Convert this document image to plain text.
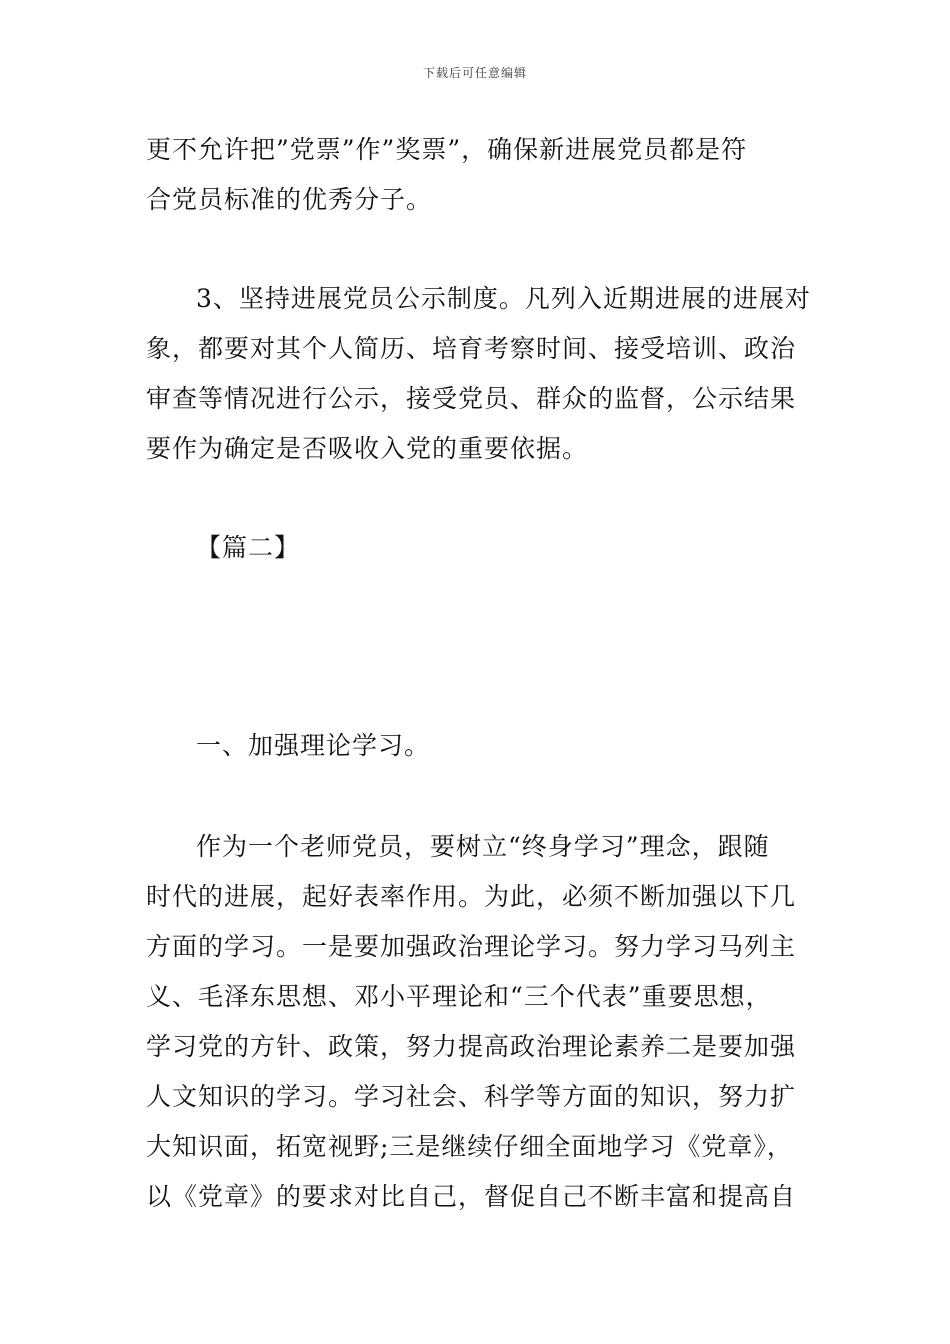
下载后可任意编辑
更不允许把”党票”作”奖票”，确保新进展党员都是符
合党员标准的优秀分子。
3、坚持进展党员公示制度。凡列入近期进展的进展对
象，都要对其个人简历、培育考察时间、接受培训、政治
审查等情况进行公示，接受党员、群众的监督，公示结果
要作为确定是否吸收入党的重要依据。
【篇二】
一、加强理论学习。
作为一个老师党员，要树立“终身学习”理念，跟随
时代的进展，起好表率作用。为此，必须不断加强以下几
方面的学习。一是要加强政治理论学习。努力学习马列主
义、毛泽东思想、邓小平理论和“三个代表”重要思想，
学习党的方针、政策，努力提高政治理论素养二是要加强
人文知识的学习。学习社会、科学等方面的知识，努力扩
大知识面，拓宽视野;三是继续仔细全面地学习《党章》，
以《党章》的要求对比自己，督促自己不断丰富和提高自
